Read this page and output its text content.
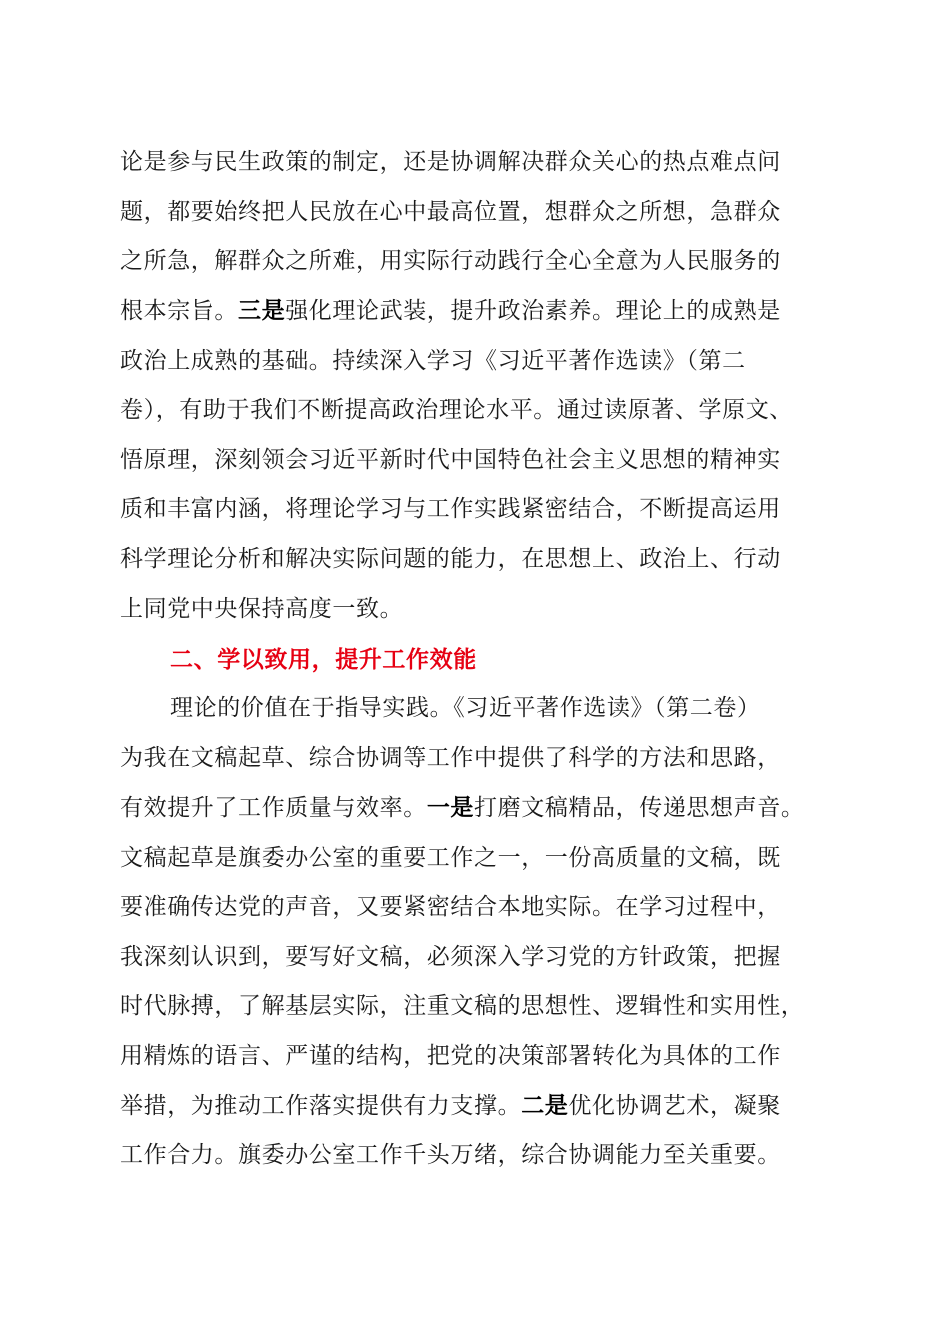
论是参与民生政策的制定，还是协调解决群众关心的热点难点问
题，都要始终把人民放在心中最高位置，想群众之所想，急群众
之所急，解群众之所难，用实际行动践行全心全意为人民服务的
根本宗旨。三是强化理论武装，提升政治素养。理论上的成熟是
政治上成熟的基础。持续深入学习《习近平著作选读》（第二
卷），有助于我们不断提高政治理论水平。通过读原著、学原文、
悟原理，深刻领会习近平新时代中国特色社会主义思想的精神实
质和丰富内涵，将理论学习与工作实践紧密结合，不断提高运用
科学理论分析和解决实际问题的能力，在思想上、政治上、行动
上同党中央保持高度一致。
二、学以致用，提升工作效能
理论的价值在于指导实践。《习近平著作选读》（第二卷）
为我在文稿起草、综合协调等工作中提供了科学的方法和思路，
有效提升了工作质量与效率。一是打磨文稿精品，传递思想声音。
文稿起草是旗委办公室的重要工作之一，一份高质量的文稿，既
要准确传达党的声音，又要紧密结合本地实际。在学习过程中，
我深刻认识到，要写好文稿，必须深入学习党的方针政策，把握
时代脉搏，了解基层实际，注重文稿的思想性、逻辑性和实用性，
用精炼的语言、严谨的结构，把党的决策部署转化为具体的工作
举措，为推动工作落实提供有力支撑。二是优化协调艺术，凝聚
工作合力。旗委办公室工作千头万绪，综合协调能力至关重要。
